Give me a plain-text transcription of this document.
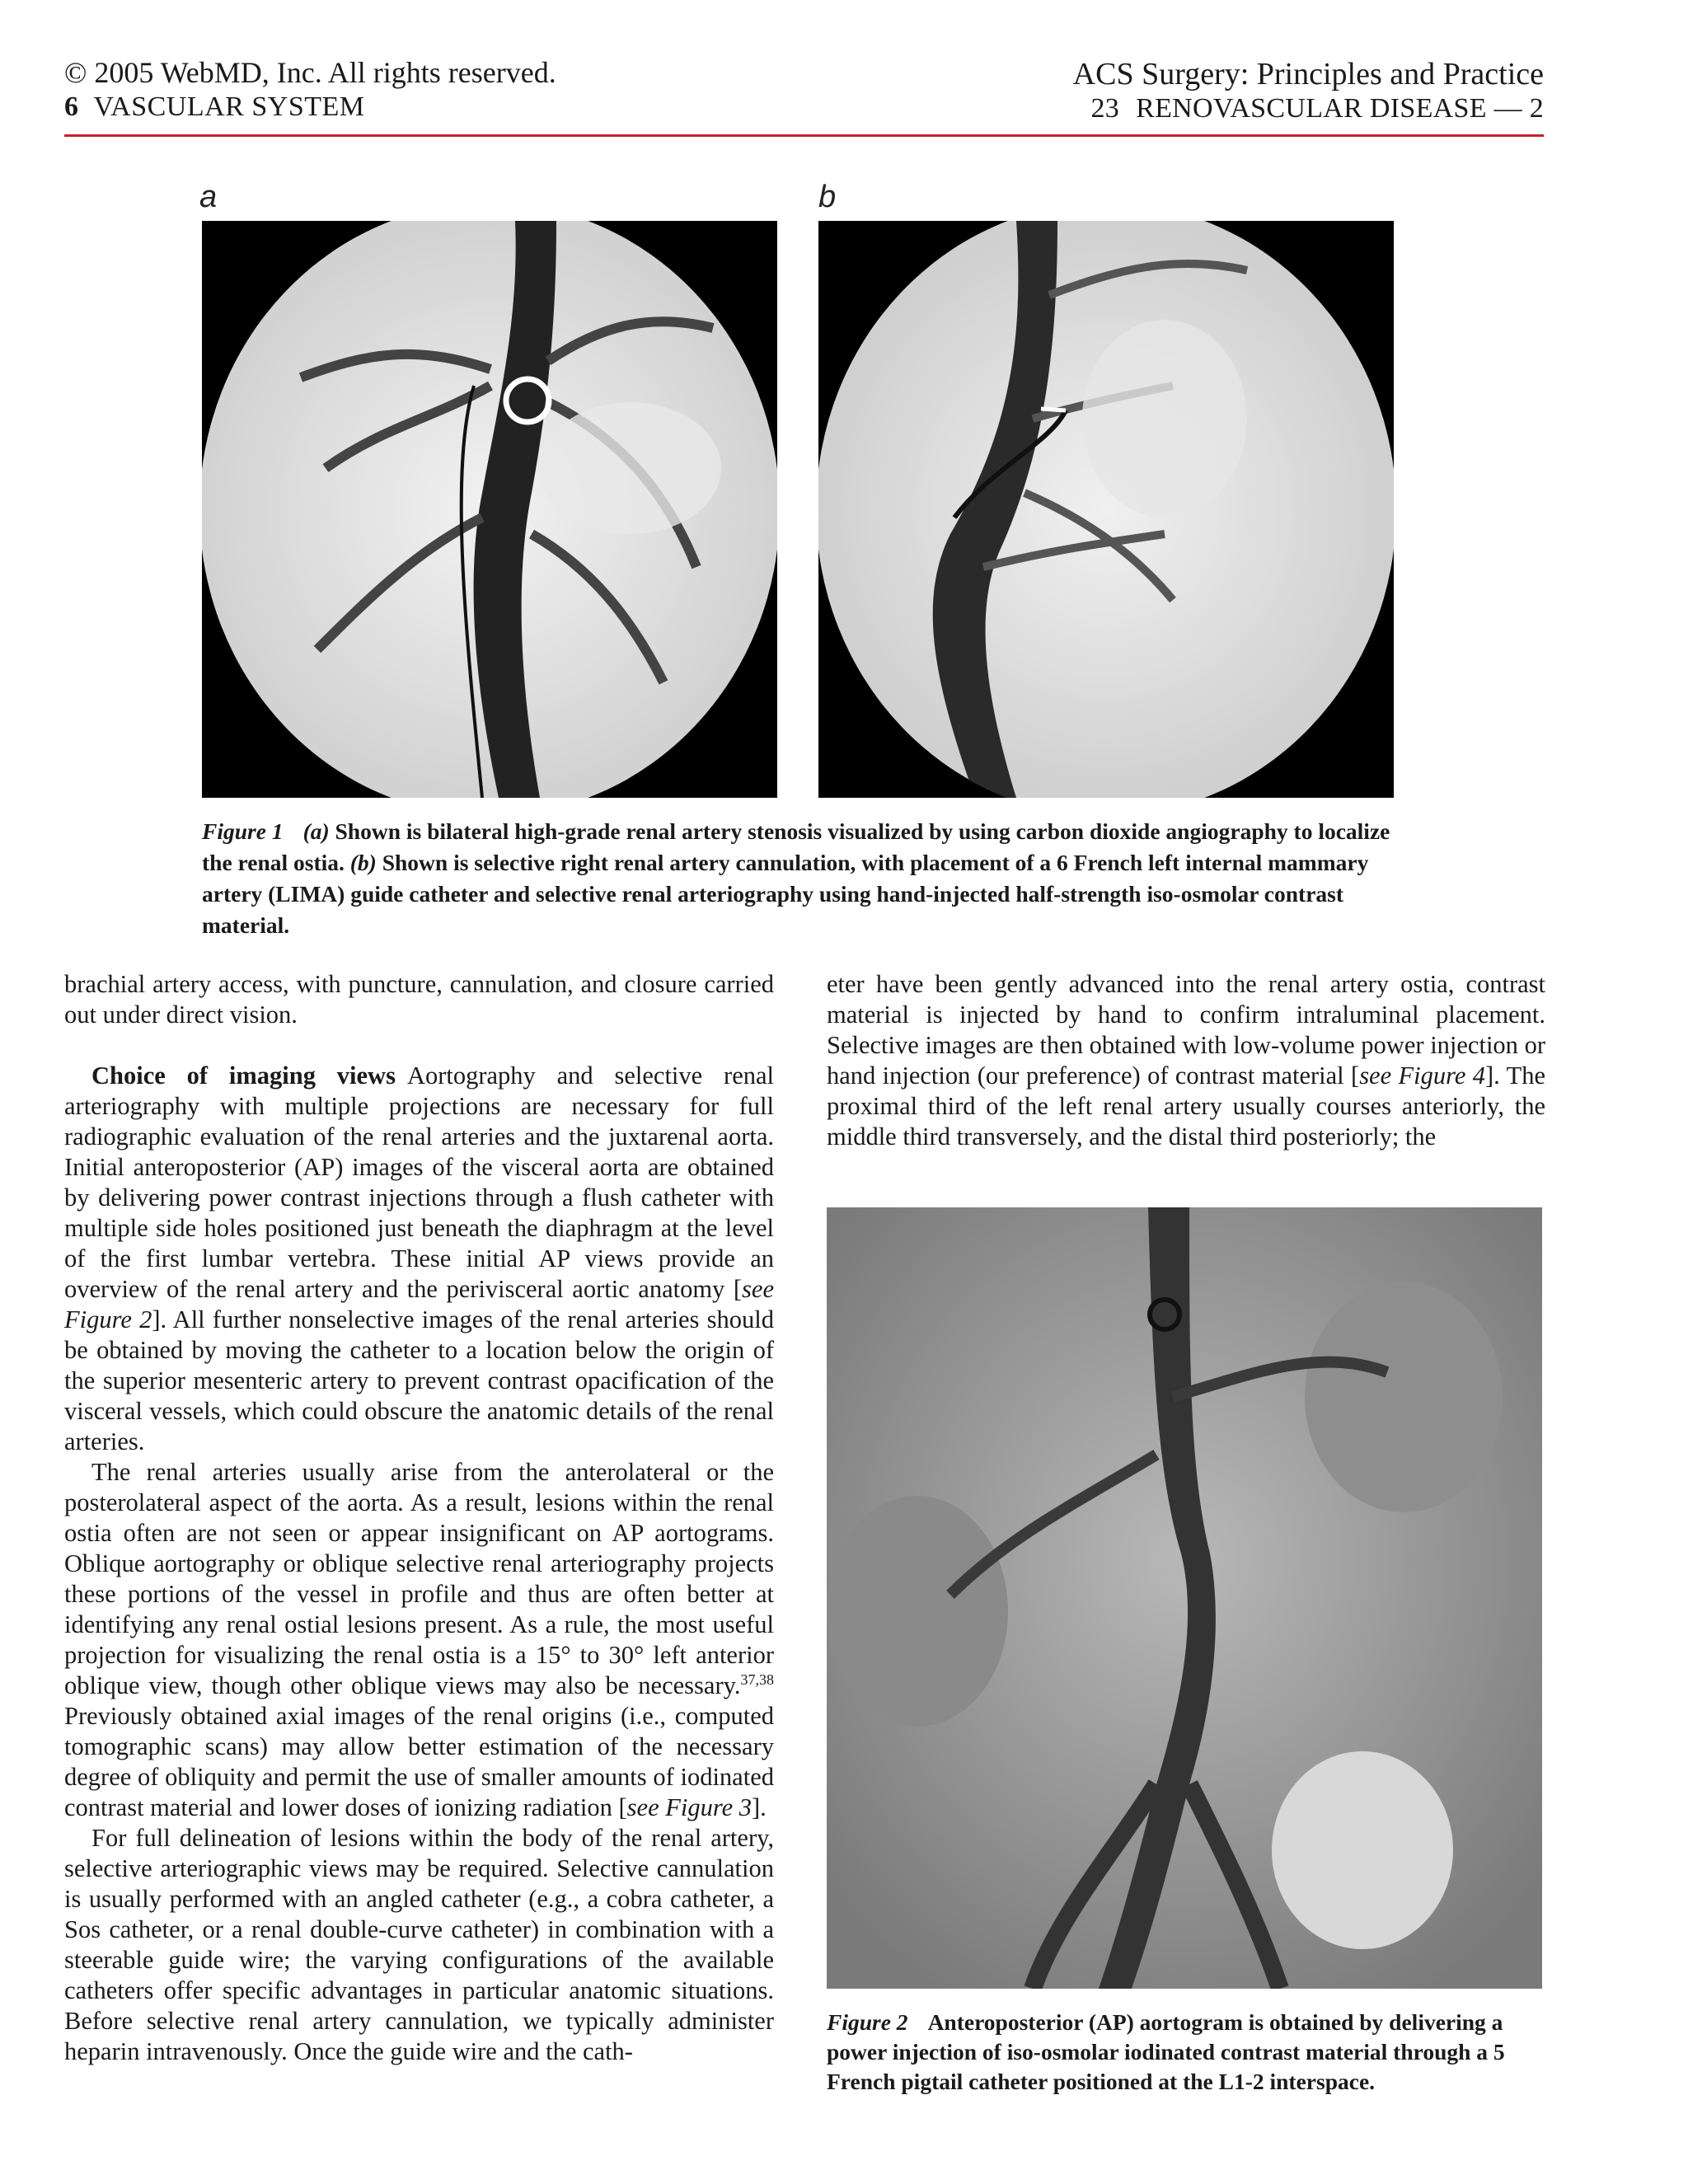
© 2005 WebMD, Inc. All rights reserved.
6 VASCULAR SYSTEM
ACS Surgery: Principles and Practice
23 RENOVASCULAR DISEASE — 2
a	b
Figure 1 (a) Shown is bilateral high-grade renal artery stenosis visualized by using carbon dioxide angiography to localize the renal ostia. (b) Shown is selective right renal artery cannulation, with placement of a 6 French left internal mammary artery (LIMA) guide catheter and selective renal arteriography using hand-injected half-strength iso-osmolar contrast material.

brachial artery access, with puncture, cannulation, and closure carried out under direct vision.

Choice of imaging views Aortography and selective renal arteriography with multiple projections are necessary for full radiographic evaluation of the renal arteries and the juxtarenal aorta. Initial anteroposterior (AP) images of the visceral aorta are obtained by delivering power contrast injections through a flush catheter with multiple side holes positioned just beneath the diaphragm at the level of the first lumbar vertebra. These initial AP views provide an overview of the renal artery and the perivisceral aortic anatomy [see Figure 2]. All further nonselective images of the renal arteries should be obtained by moving the catheter to a location below the origin of the superior mesenteric artery to prevent contrast opacification of the visceral vessels, which could obscure the anatomic details of the renal arteries.

The renal arteries usually arise from the anterolateral or the posterolateral aspect of the aorta. As a result, lesions within the renal ostia often are not seen or appear insignificant on AP aortograms. Oblique aortography or oblique selective renal arteriography projects these portions of the vessel in profile and thus are often better at identifying any renal ostial lesions present. As a rule, the most useful projection for visualizing the renal ostia is a 15° to 30° left anterior oblique view, though other oblique views may also be necessary.$^{37,38}$ Previously obtained axial images of the renal origins (i.e., computed tomographic scans) may allow better estimation of the necessary degree of obliquity and permit the use of smaller amounts of iodinated contrast material and lower doses of ionizing radiation [see Figure 3].

For full delineation of lesions within the body of the renal artery, selective arteriographic views may be required. Selective cannulation is usually performed with an angled catheter (e.g., a cobra catheter, a Sos catheter, or a renal double-curve catheter) in combination with a steerable guide wire; the varying configurations of the available catheters offer specific advantages in particular anatomic situations. Before selective renal artery cannulation, we typically administer heparin intravenously. Once the guide wire and the cath-

eter have been gently advanced into the renal artery ostia, contrast material is injected by hand to confirm intraluminal placement. Selective images are then obtained with low-volume power injection or hand injection (our preference) of contrast material [see Figure 4]. The proximal third of the left renal artery usually courses anteriorly, the middle third transversely, and the distal third posteriorly; the

Figure 2 Anteroposterior (AP) aortogram is obtained by delivering a power injection of iso-osmolar iodinated contrast material through a 5 French pigtail catheter positioned at the L1-2 interspace.
